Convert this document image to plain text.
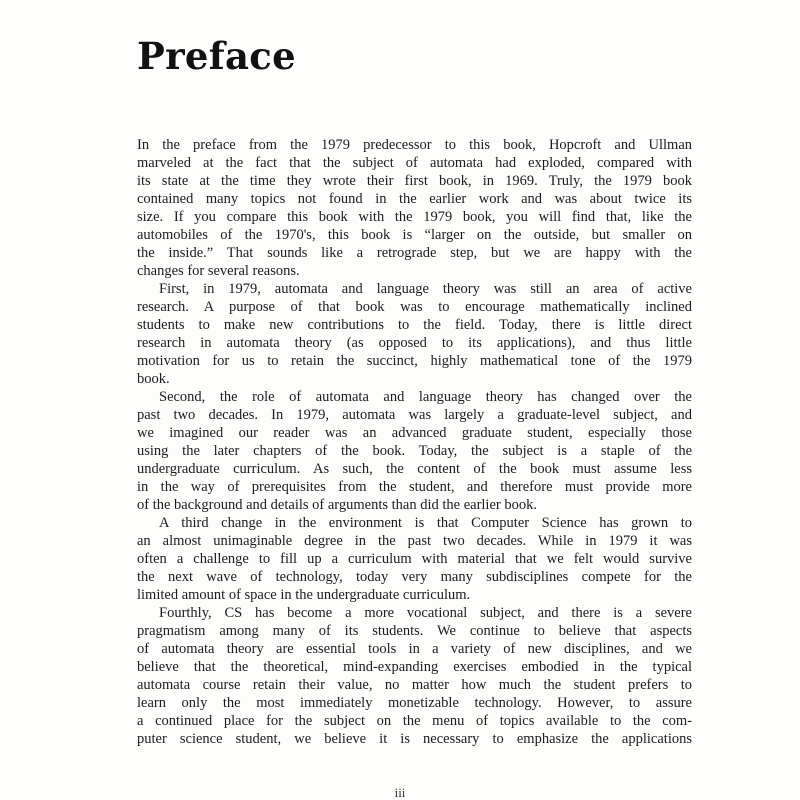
Preface

In the preface from the 1979 predecessor to this book, Hopcroft and Ullman
marveled at the fact that the subject of automata had exploded, compared with
its state at the time they wrote their first book, in 1969. Truly, the 1979 book
contained many topics not found in the earlier work and was about twice its
size. If you compare this book with the 1979 book, you will find that, like the
automobiles of the 1970's, this book is “larger on the outside, but smaller on
the inside.” That sounds like a retrograde step, but we are happy with the
changes for several reasons.

First, in 1979, automata and language theory was still an area of active
research. A purpose of that book was to encourage mathematically inclined
students to make new contributions to the field. Today, there is little direct
research in automata theory (as opposed to its applications), and thus little
motivation for us to retain the succinct, highly mathematical tone of the 1979
book.

Second, the role of automata and language theory has changed over the
past two decades. In 1979, automata was largely a graduate-level subject, and
we imagined our reader was an advanced graduate student, especially those
using the later chapters of the book. Today, the subject is a staple of the
undergraduate curriculum. As such, the content of the book must assume less
in the way of prerequisites from the student, and therefore must provide more
of the background and details of arguments than did the earlier book.

A third change in the environment is that Computer Science has grown to
an almost unimaginable degree in the past two decades. While in 1979 it was
often a challenge to fill up a curriculum with material that we felt would survive
the next wave of technology, today very many subdisciplines compete for the
limited amount of space in the undergraduate curriculum.

Fourthly, CS has become a more vocational subject, and there is a severe
pragmatism among many of its students. We continue to believe that aspects
of automata theory are essential tools in a variety of new disciplines, and we
believe that the theoretical, mind-expanding exercises embodied in the typical
automata course retain their value, no matter how much the student prefers to
learn only the most immediately monetizable technology. However, to assure
a continued place for the subject on the menu of topics available to the com-
puter science student, we believe it is necessary to emphasize the applications

iii
